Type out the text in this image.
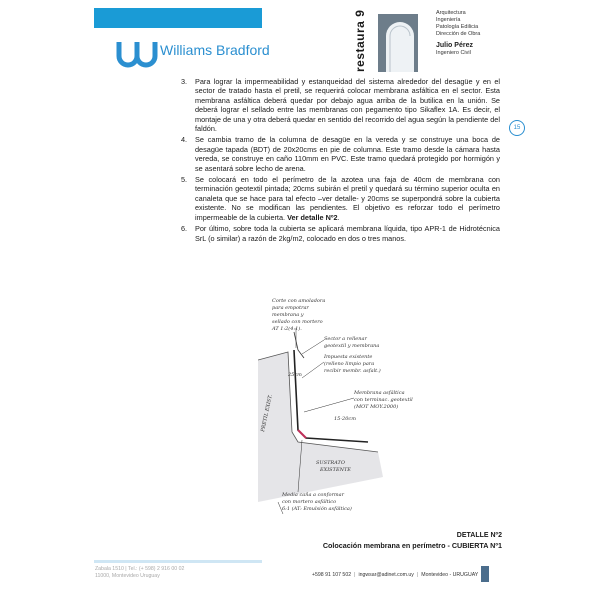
Williams Bradford	restaura 9	Arquitectura
Ingeniería
Patología Edilicia
Dirección de Obra
Julio Pérez
Ingeniero Civil
15
3. Para lograr la impermeabilidad y estanqueidad del sistema alrededor del desagüe y en el sector de tratado hasta el pretil, se requerirá colocar membrana asfáltica en el sector. Esta membrana asfáltica deberá quedar por debajo agua arriba de la butilica en la unión. Se deberá lograr el sellado entre las membranas con pegamento tipo Sikaflex 1A. Es decir, el montaje de una y otra deberá quedar en sentido del recorrido del agua según la pendiente del faldón.
4. Se cambia tramo de la columna de desagüe en la vereda y se construye una boca de desagüe tapada (BDT) de 20x20cms en pie de columna. Este tramo desde la cámara hasta vereda, se construye en caño 110mm en PVC. Este tramo quedará protegido por hormigón y se asentará sobre lecho de arena.
5. Se colocará en todo el perímetro de la azotea una faja de 40cm de membrana con terminación geotextil pintada; 20cms subirán el pretil y quedará su término superior oculta en canaleta que se hace para tal efecto –ver detalle- y 20cms se superpondrá sobre la cubierta existente. No se modifican las pendientes. El objetivo es reforzar todo el perímetro impermeable de la cubierta. Ver detalle Nº2.
6. Por último, sobre toda la cubierta se aplicará membrana líquida, tipo APR-1 de Hidrotécnica SrL (o similar) a razón de 2kg/m2, colocado en dos o tres manos.
Corte con amoladora
para empotrar
membrana y
sellado con mortero
AT 1:2(4:1).
Sector a rellenar
geotextil y membrana
Impuesta existente
(relleno limpio para
recibir membr. asfalt.)
25cm
Membrana asfáltica
con terminac. geotextil
(MOT MOY.2000)
15-20cm
PRETIL EXIST.
SUSTRATO
EXISTENTE
Media caña a conformar
con mortero asfáltico
6:1 (AT: Emulsión asfáltica)
DETALLE Nº2
Colocación membrana en perímetro - CUBIERTA Nº1
Zabala 1510 | Tel.: (+ 598) 2 916 00 02
11000, Montevideo Uruguay	+598 91 107 502 | ingwsar@adinet.com.uy | Montevideo - URUGUAY
